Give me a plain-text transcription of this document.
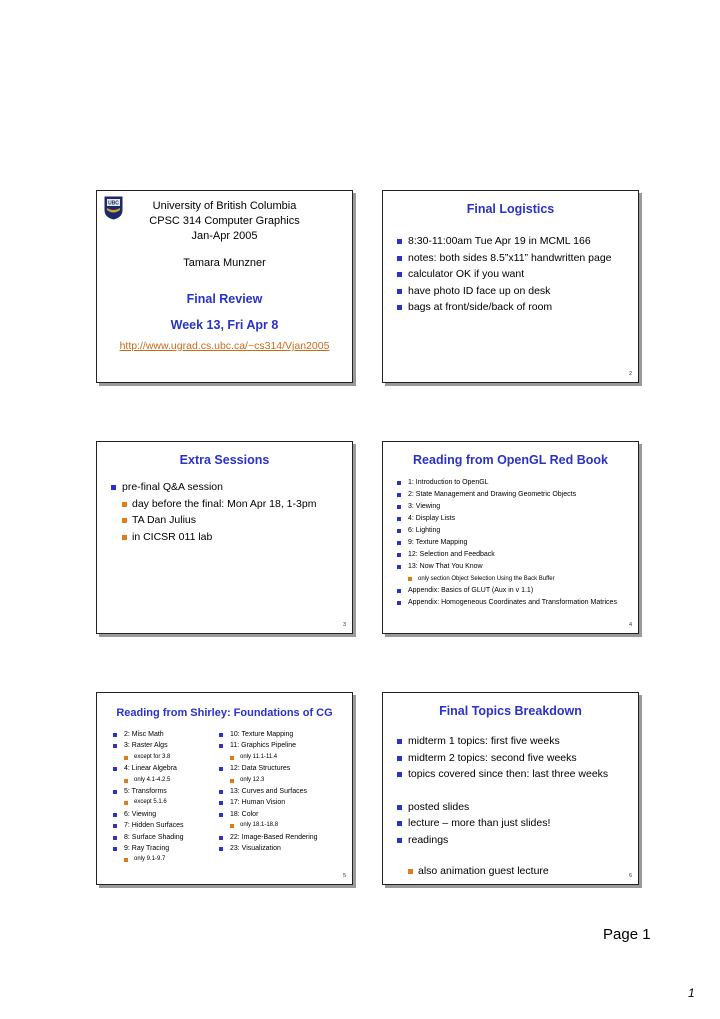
UBC	University of British Columbia
CPSC 314 Computer Graphics
Jan-Apr 2005
Tamara Munzner
Final Review
Week 13, Fri Apr 8
http://www.ugrad.cs.ubc.ca/~cs314/Vjan2005
Final Logistics
8:30-11:00am Tue Apr 19 in MCML 166
notes: both sides 8.5”x11” handwritten page
calculator OK if you want
have photo ID face up on desk
bags at front/side/back of room
2
Extra Sessions
pre-final Q&A session
day before the final: Mon Apr 18, 1-3pm
TA Dan Julius
in CICSR 011 lab
3
Reading from OpenGL Red Book
1: Introduction to OpenGL
2: State Management and Drawing Geometric Objects
3: Viewing
4: Display Lists
6: Lighting
9: Texture Mapping
12: Selection and Feedback
13: Now That You Know
only section Object Selection Using the Back Buffer
Appendix: Basics of GLUT (Aux in v 1.1)
Appendix: Homogeneous Coordinates and Transformation Matrices
4
Reading from Shirley: Foundations of CG
2: Misc Math
3: Raster Algs
except for 3.8
4: Linear Algebra
only 4.1-4.2.5
5: Transforms
except 5.1.6
6: Viewing
7: Hidden Surfaces
8: Surface Shading
9: Ray Tracing
only 9.1-9.7
10: Texture Mapping
11: Graphics Pipeline
only 11.1-11.4
12: Data Structures
only 12.3
13: Curves and Surfaces
17: Human Vision
18: Color
only 18.1-18.8
22: Image-Based Rendering
23: Visualization
5
Final Topics Breakdown
midterm 1 topics: first five weeks
midterm 2 topics: second five weeks
topics covered since then: last three weeks
posted slides
lecture – more than just slides!
readings
also animation guest lecture	6
Page 1
1
